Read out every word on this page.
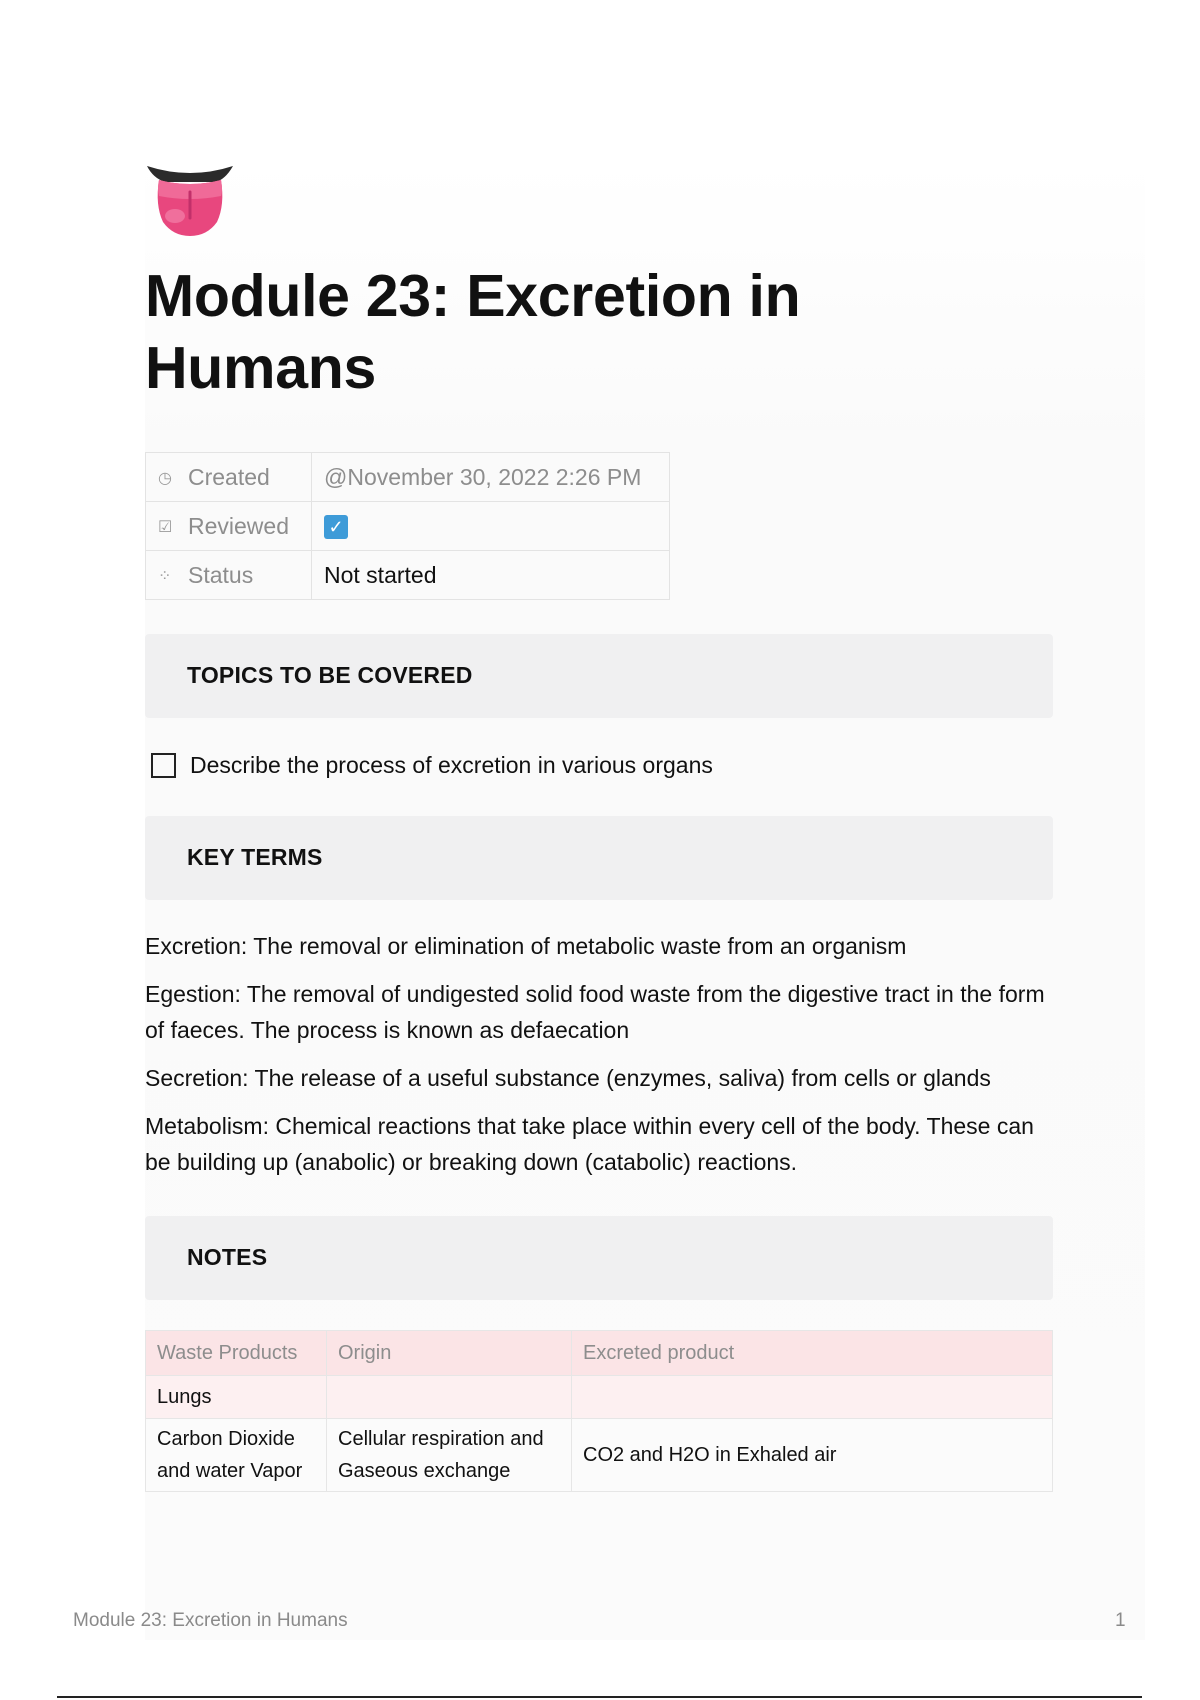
Module 23: Excretion in Humans
◷ Created	@November 30, 2022 2:26 PM
☑ Reviewed	✓
⁘ Status	Not started
TOPICS TO BE COVERED
Describe the process of excretion in various organs
KEY TERMS
Excretion: The removal or elimination of metabolic waste from an organism
Egestion: The removal of undigested solid food waste from the digestive tract in the form of faeces. The process is known as defaecation
Secretion: The release of a useful substance (enzymes, saliva) from cells or glands
Metabolism: Chemical reactions that take place within every cell of the body. These can be building up (anabolic) or breaking down (catabolic) reactions.
NOTES
Waste Products	Origin	Excreted product
Lungs		
Carbon Dioxide and water Vapor	Cellular respiration and Gaseous exchange	CO2 and H2O in Exhaled air
Module 23: Excretion in Humans	1
